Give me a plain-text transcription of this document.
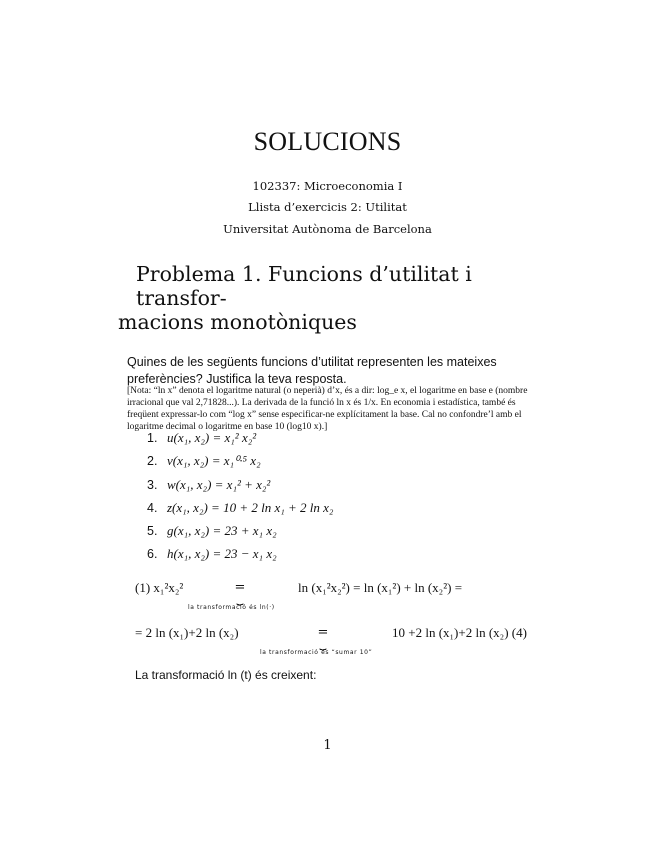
SOLUCIONS
102337: Microeconomia I
Llista d’exercicis 2: Utilitat
Universitat Autònoma de Barcelona
Problema 1. Funcions d’utilitat i transfor-
macions monotòniques
Quines de les següents funcions d’utilitat representen les mateixes preferències? Justifica la teva resposta.
[Nota: “ln x” denota el logaritme natural (o neperià) d’x, és a dir: log_e x, el logaritme en base e (nombre irracional que val 2,71828...). La derivada de la funció ln x és 1/x. En economia i estadística, també és freqüent expressar-lo com “log x” sense especificar-ne explícitament la base. Cal no confondre’l amb el logaritme decimal o logaritme en base 10 (log10 x).]
1. u(x₁, x₂) = x₁² x₂²
2. v(x₁, x₂) = x₁⁰·⁵ x₂
3. w(x₁, x₂) = x₁² + x₂²
4. z(x₁, x₂) = 10 + 2 ln x₁ + 2 ln x₂
5. g(x₁, x₂) = 23 + x₁ x₂
6. h(x₁, x₂) = 23 − x₁ x₂
(1) x₁²x₂²	=
⏟
la transformació és ln(·)
ln (x₁²x₂²) = ln (x₁²) + ln (x₂²) =
= 2 ln (x₁)+2 ln (x₂)	=
⏟
la transformació és “sumar 10”
10 +2 ln (x₁)+2 ln (x₂) (4)
La transformació ln (t) és creixent:
1
